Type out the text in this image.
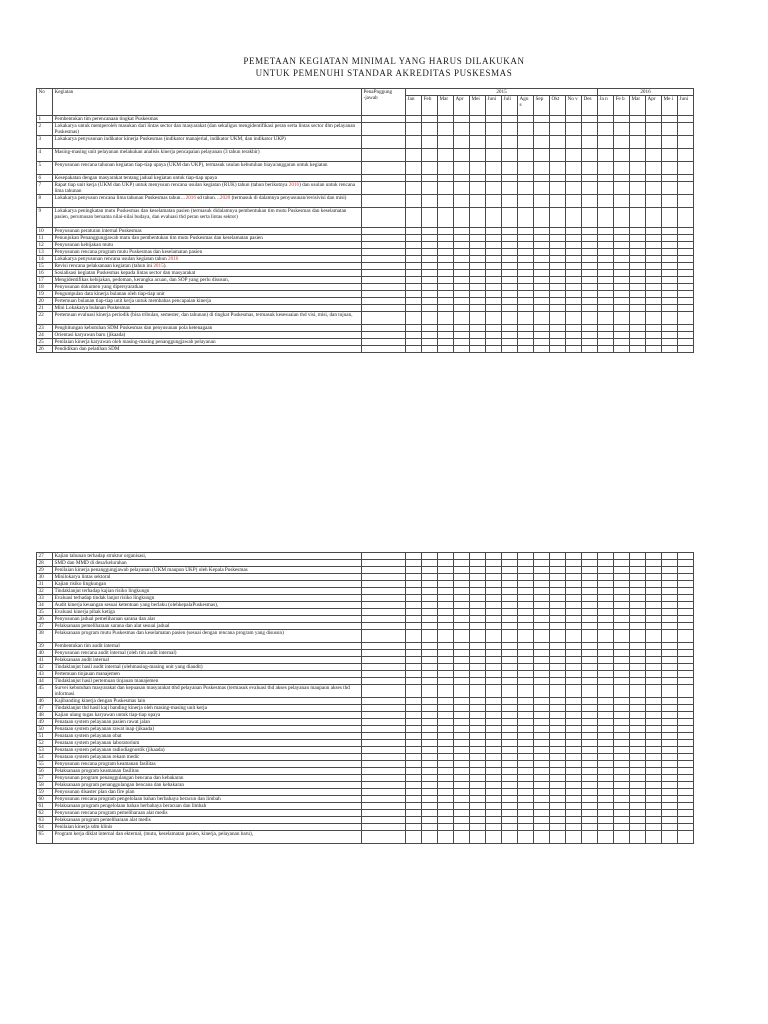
PEMETAAN KEGIATAN MINIMAL YANG HARUS DILAKUKAN
UNTUK PEMENUHI STANDAR AKREDITAS PUSKESMAS
No	Kegiatan	PenaPnggung
-jawab	2015												2016					
			Jan	Feb	Mar	Apr	Mei	Juni	Juli	Agu s	Sep	Okt	No v	Des	Ja n	Fe b	Mar	Apr	Me i	Juni
1	Pembentukan tim perencanaan tingkat Puskesmas																			
2	Lokakarya untuk memperoleh masukan dari lintas sector dan masyarakat (dan sekaligus mengidentifikasi peran serta lintas sector dlm pelayanan Puskesmas)																			
3	Lokakarya penyusunan indikator kinerja Puskesmas (indikator manajerial, indikator UKM, dan indikator UKP)																			
4	Masing-masing unit pelayanan melakukan analisis kinerja pencapaian pelayanan (3 tahun terakhir)																			
5	Penyusunan rencana tahunan kegiatan tiap-tiap upaya (UKM dan UKP), termasuk usulan kebutuhan biaya/anggaran untuk kegiatan																			
6	Kesepakatan dengan masyarakat tentang jadual kegiatan untuk tiap-tiap upaya																			
7	Rapat tiap unit kerja (UKM dan UKP) untuk menyusun rencana usulan kegiatan (RUK) tahun (tahun berikutnya 2016) dan usulan untuk rencana lima tahunan																			
8	Lokakarya penyusun rencana lima tahunan Puskesmas tahun…2016 sd tahun…2020 (termasuk di dalamnya penyusunan/revisivisi dan misi)																			
9	Lokakarya peningkatan mutu Puskesmas dan keselamatan pasien (termasuk didalamnya pembentukan tim mutu Puskesmas dan keselamatan pasien, perumusan bersama nilai-nilai budaya, dan evaluasi thd peran serta lintas sektor)																			
10	Penyusunan peraturan internal Puskesmas																			
11	Penunjukan Penanggungjawab mutu dan pembentukan tim mutu Puskesmas dan keselamatan pasien																			
12	Penyusunan kebijakan mutu																			
13	Penyusunan rencana program mutu Puskesmas dan keselamatan pasien																			
14	Lokakarya penyusunan rencana usulan kegiatan tahun 2016																			
15	Revisi rencana pelaksanaan kegiatan (tahun ini 2015).																			
16	Sosialisasi kegiatan Puskesmas kepada lintas sector dan masyarakat																			
17	Mengidentifikas kebijakan, pedoman, kerangka acuan, dan SOP yang perlu disusun,																			
18	Penyusunan dokumen yang dipersyaratkan																			
19	Pengumpulan data kinerja bulanan oleh tiap-tiap unit																			
20	Pertemuan bulanan tiap-tiap unit kerja untuk membahas pencapaian kinerja																			
21	Mini Lokakarya bulanan Puskesmas																			
22	Pertemuan evaluasi kinerja periodik (bisa tribulan, semester, dan tahunan) di tingkat Puskesmas, termasuk kesesuaian thd visi, misi, dan tujuan,																			
23	Penghitungan kebutuhan SDM Puskesmas dan penyusunan pola ketenagaan																			
24	Orientasi karyawan baru (jikaada)																			
25	Penilaian kinerja karyawan oleh masing-masing penanggungjawab pelayanan																			
26	Pendidikan dan pelatihan SDM																			
27	Kajian tahunan terhadap struktur organisasi,																			
28	SMD dan MMD di desa/kelurahan																			
29	Penilaian kinerja penanggungjawab pelayanan (UKM maupun UKP) oleh Kepala Puskesmas																			
30	Minilokarya lintas sektoral																			
31	Kajian risiko lingkungan																			
32	Tindaklanjut terhadap kajian risiko lingkungn																			
33	Evaluasi terhadap tindak lanjut risiko lingkungn																			
34	Audit kinerja keuangan sesuai ketentuan yang berlaku (olehkepalaPuskesmas),																			
35	Evaluasi kinerja pihak ketiga																			
36	Penyusunan jadual pemeliharaan sarana dan alat																			
37	Pelaksanaan pemeliharaan sarana dan alat sesuai jadual																			
38	Pelaksanaan program mutu Puskesmas dan keselamatan pasien (sesuai dengan rencana program yang disusun)																			
39	Pembentukan tim audit internal																			
40	Penyusunan rencana audit internal (oleh tim audit internal)																			
41	Pelaksanaan audit internal																			
42	Tindaklanjut hasil audit internal (olehmasing-masing unit yang diaudit)																			
43	Pertemuan tinjauan manajemen																			
44	Tindaklanjut hasil pertemuan tinjauan manajemen																			
45	Survei kebutuhan masyarakat dan kepuasan masyarakat tthd pelayanan Puskesmas (termasuk evaluasi thd akses pelayanan maupaun akses thd informasi																			
46	Kajibanding kinerja dengan Puskesmas lain																			
47	Tindaklanjut thd hasil kaji banding kinerja oleh masing-masing unit kerja																			
48	Kajian ulang tugas karyawan untuk tiap-tiap upaya																			
49	Penataan system pelayanan pasien rawat jalan																			
50	Penataan system pelayanan rawat inap (jikaada)																			
51	Penataan system pelayanan obat																			
52	Penataan system pelayanan laboratorium																			
53	Penataan system pelayanan radiodiagnostik (jikaada)																			
54	Penataan system pelayanan rekam medic																			
55	Penyusunan rencana program keamanan fasilitas																			
56	Pelaksanaan program keamanan fasilitas																			
57	Penyusunan program penanggulangan bencana dan kebakaran																			
58	Pelaksanaan program penanggulangan bencana dan kebakaran																			
59	Penyusunan disaster plan dan fire plan																			
60	Penyusunan rencana program pengelolaan bahan berbahaya beracun dan limbah																			
61	Pelaksanaan program pengelolaan bahan berbahaya beracuan dan limbah																			
62	Penyusunan rencana program pemeliharaan alat medis																			
63	Pelaksanaan program pemeliharaan alat medis																			
64	Penilaian kinerja sdm klinis																			
65	Program kerja diklat internal dan ekternal, (mutu, keselamatan pasien, kinerja, pelayanan baru),																			
